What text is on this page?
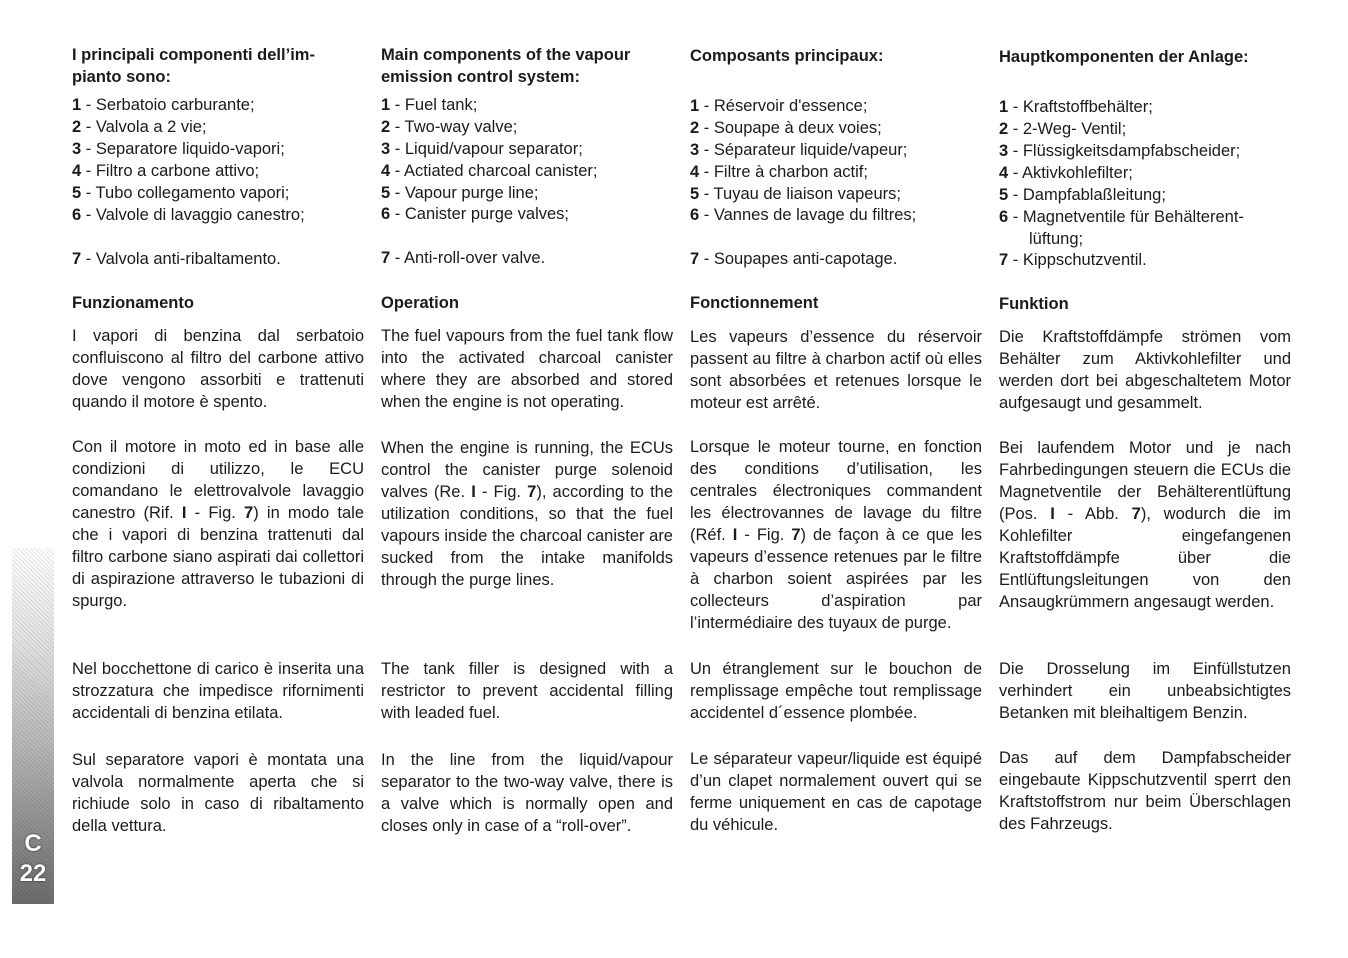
I principali componenti dell’im-
pianto sono:
1 - Serbatoio carburante;
2 - Valvola a 2 vie;
3 - Separatore liquido-vapori;
4 - Filtro a carbone attivo;
5 - Tubo collegamento vapori;
6 - Valvole di lavaggio canestro;
7 - Valvola anti-ribaltamento.
Funzionamento

I vapori di benzina dal serbatoio confluiscono al filtro del carbone attivo dove vengono assorbiti e trattenuti quando il motore è spento.

Con il motore in moto ed in base alle condizioni di utilizzo, le ECU comandano le elettrovalvole lavaggio canestro (Rif. I - Fig. 7) in modo tale che i vapori di benzina trattenuti dal filtro carbone siano aspirati dai collettori di aspirazione attraverso le tubazioni di spurgo.

Nel bocchettone di carico è inserita una strozzatura che impedisce rifornimenti accidentali di benzina etilata.

Sul separatore vapori è montata una valvola normalmente aperta che si richiude solo in caso di ribaltamento della vettura.

Main components of the vapour
emission control system:
1 - Fuel tank;
2 - Two-way valve;
3 - Liquid/vapour separator;
4 - Actiated charcoal canister;
5 - Vapour purge line;
6 - Canister purge valves;
7 - Anti-roll-over valve.
Operation

The fuel vapours from the fuel tank flow into the activated charcoal canister where they are absorbed and stored when the engine is not operating.

When the engine is running, the ECUs control the canister purge solenoid valves (Re. I - Fig. 7), according to the utilization conditions, so that the fuel vapours inside the charcoal canister are sucked from the intake manifolds through the purge lines.

The tank filler is designed with a restrictor to prevent accidental filling with leaded fuel.

In the line from the liquid/vapour separator to the two-way valve, there is a valve which is normally open and closes only in case of a “roll-over”.

Composants principaux:
1 - Réservoir d'essence;
2 - Soupape à deux voies;
3 - Séparateur liquide/vapeur;
4 - Filtre à charbon actif;
5 - Tuyau de liaison vapeurs;
6 - Vannes de lavage du filtres;
7 - Soupapes anti-capotage.
Fonctionnement

Les vapeurs d’essence du réservoir passent au filtre à charbon actif où elles sont absorbées et retenues lorsque le moteur est arrêté.

Lorsque le moteur tourne, en fonction des conditions d’utilisation, les centrales électroniques commandent les électrovannes de lavage du filtre (Réf. I - Fig. 7) de façon à ce que les vapeurs d’essence retenues par le filtre à charbon soient aspirées par les collecteurs d’aspiration par l’intermédiaire des tuyaux de purge.

Un étranglement sur le bouchon de remplissage empêche tout remplissage accidentel d´essence plombée.

Le séparateur vapeur/liquide est équipé d’un clapet normalement ouvert qui se ferme uniquement en cas de capotage du véhicule.

Hauptkomponenten der Anlage:
1 - Kraftstoffbehälter;
2 - 2-Weg- Ventil;
3 - Flüssigkeitsdampfabscheider;
4 - Aktivkohlefilter;
5 - Dampfablaßleitung;
6 - Magnetventile für Behälterent-
lüftung;
7 - Kippschutzventil.
Funktion

Die Kraftstoffdämpfe strömen vom Behälter zum Aktivkohlefilter und werden dort bei abgeschaltetem Motor aufgesaugt und gesammelt.

Bei laufendem Motor und je nach Fahrbedingungen steuern die ECUs die Magnetventile der Behälterentlüftung (Pos. I - Abb. 7), wodurch die im Kohlefilter eingefangenen Kraftstoffdämpfe über die Entlüftungsleitungen von den Ansaugkrümmern angesaugt werden.

Die Drosselung im Einfüllstutzen verhindert ein unbeabsichtigtes Betanken mit bleihaltigem Benzin.

Das auf dem Dampfabscheider eingebaute Kippschutzventil sperrt den Kraftstoffstrom nur beim Überschlagen des Fahrzeugs.

C
22
